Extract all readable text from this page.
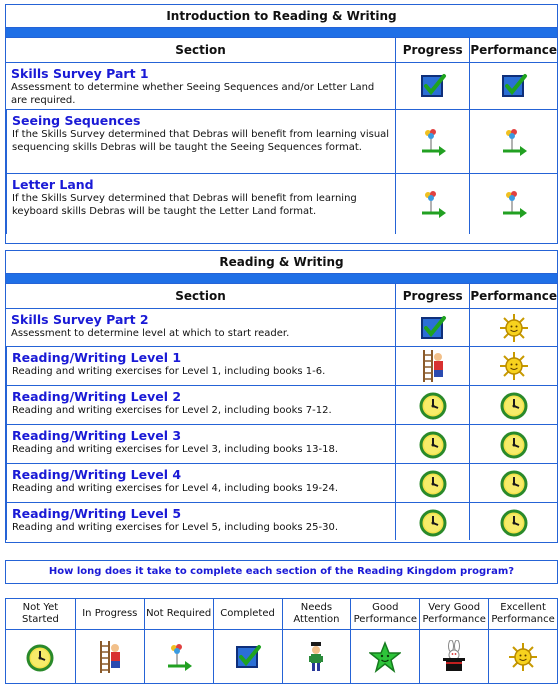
Introduction to Reading & Writing
Section	Progress Performance
Skills Survey Part 1
Assessment to determine whether Seeing Sequences and/or Letter Land are required.
Seeing Sequences
If the Skills Survey determined that Debras will benefit from learning visual sequencing skills Debras will be taught the Seeing Sequences format.
Letter Land
If the Skills Survey determined that Debras will benefit from learning keyboard skills Debras will be taught the Letter Land format.
Reading & Writing
Section	Progress Performance
Skills Survey Part 2
Assessment to determine level at which to start reader.
Reading/Writing Level 1
Reading and writing exercises for Level 1, including books 1-6.
Reading/Writing Level 2
Reading and writing exercises for Level 2, including books 7-12.
Reading/Writing Level 3
Reading and writing exercises for Level 3, including books 13-18.
Reading/Writing Level 4
Reading and writing exercises for Level 4, including books 19-24.
Reading/Writing Level 5
Reading and writing exercises for Level 5, including books 25-30.
How long does it take to complete each section of the Reading Kingdom program?
Not Yet Started
In Progress Not Required Completed
Needs Attention
Good Performance
Very Good Performance
Excellent Performance
